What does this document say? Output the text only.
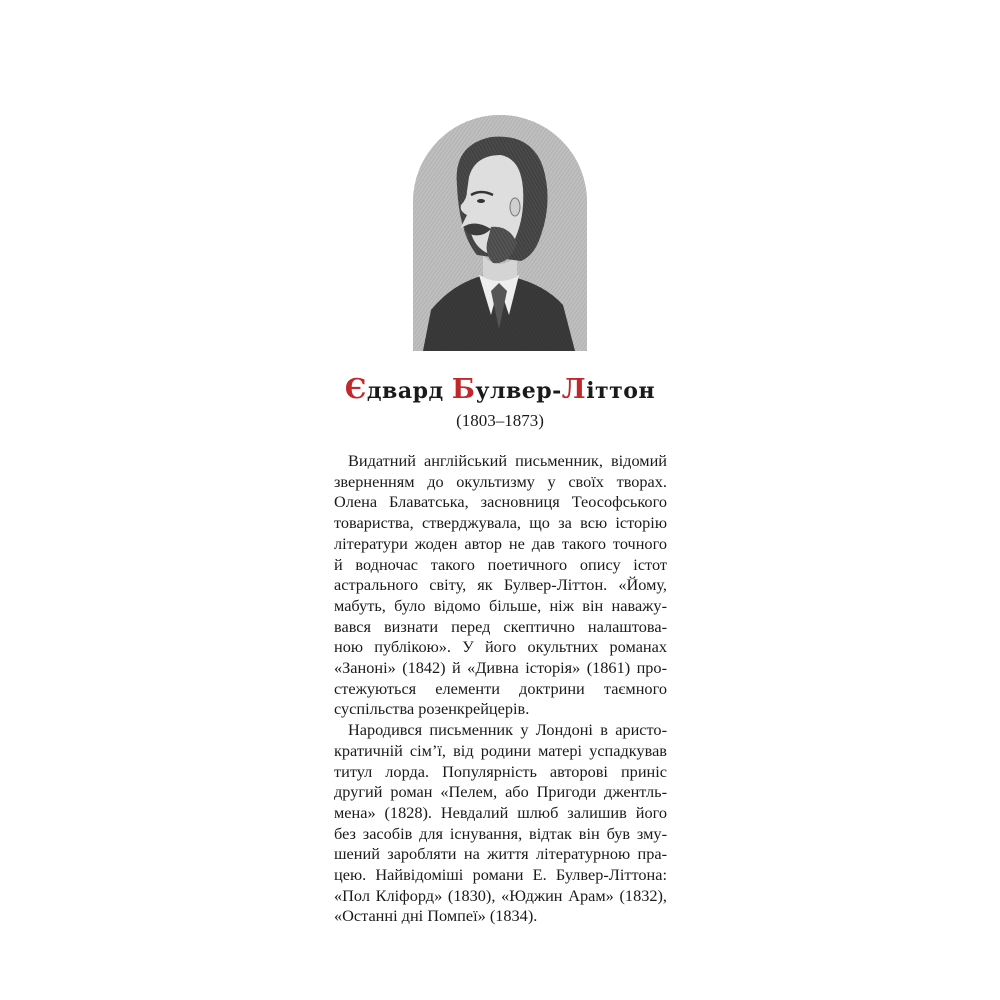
Єдвард Булвер-Літтон
(1803–1873)
Видатний англійський письменник, відомий
зверненням до окультизму у своїх творах.
Олена Блаватська, засновниця Теософського
товариства, стверджувала, що за всю історію
літератури жоден автор не дав такого точного
й водночас такого поетичного опису істот
астрального світу, як Булвер-Літтон. «Йому,
мабуть, було відомо більше, ніж він наважу-
вався визнати перед скептично налаштова-
ною публікою». У його окультних романах
«Заноні» (1842) й «Дивна історія» (1861) про-
стежуються елементи доктрини таємного
суспільства розенкрейцерів.
Народився письменник у Лондоні в аристо-
кратичній сім’ї, від родини матері успадкував
титул лорда. Популярність авторові приніс
другий роман «Пелем, або Пригоди джентль-
мена» (1828). Невдалий шлюб залишив його
без засобів для існування, відтак він був зму-
шений заробляти на життя літературною пра-
цею. Найвідоміші романи Е. Булвер-Літтона:
«Пол Кліфорд» (1830), «Юджин Арам» (1832),
«Останні дні Помпеї» (1834).
